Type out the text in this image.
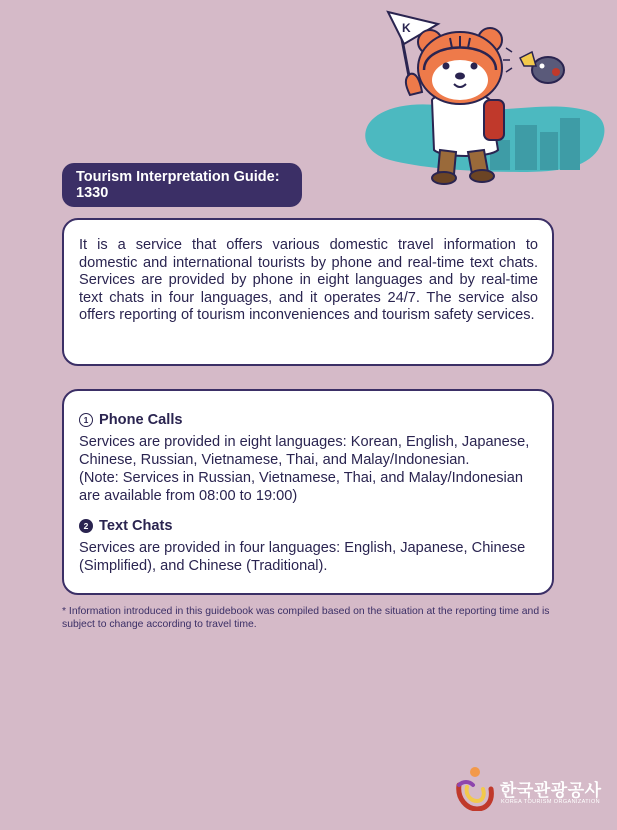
K
Tourism Interpretation Guide:
1330

It is a service that offers various domestic travel information to domestic and international tourists by phone and real-time text chats. Services are provided by phone in eight languages and by real-time text chats in four languages, and it operates 24/7. The service also offers reporting of tourism inconveniences and tourism safety services.

1 Phone Calls

Services are provided in eight languages: Korean, English, Japanese, Chinese, Russian, Vietnamese, Thai, and Malay/Indonesian.
(Note: Services in Russian, Vietnamese, Thai, and Malay/Indonesian are available from 08:00 to 19:00)

2 Text Chats

Services are provided in four languages: English, Japanese, Chinese (Simplified), and Chinese (Traditional).

* Information introduced in this guidebook was compiled based on the situation at the reporting time and is subject to change according to travel time.
한국관광공사
KOREA TOURISM ORGANIZATION
